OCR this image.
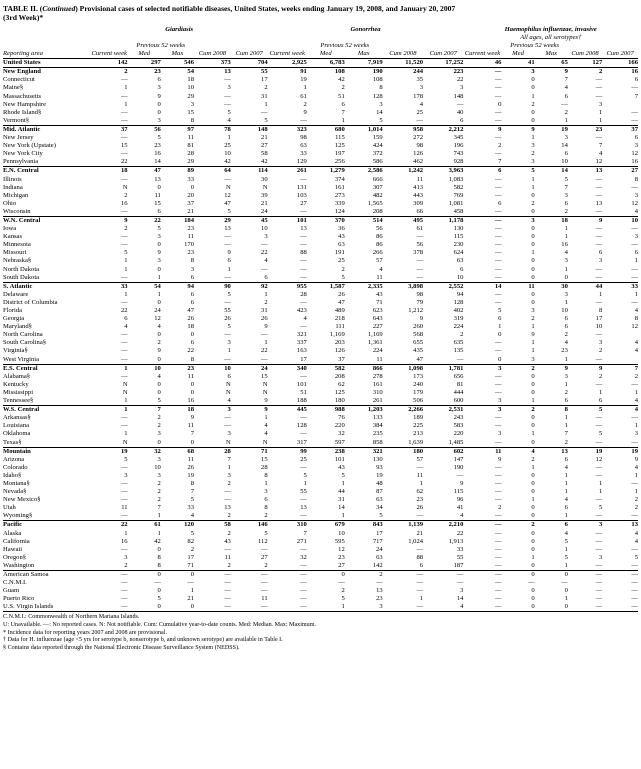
TABLE II. (Continued) Provisional cases of selected notifiable diseases, United States, weeks ending January 19, 2008, and January 20, 2007
(3rd Week)*
	Giardiasis					Gonorrhea					Haemophilus influenzae, invasive				
											All ages, all serotypes†				
		Previous 52 weeks					Previous 52 weeks					Previous 52 weeks			
Reporting area	Current week	Med	Max	Cum 2008	Cum 2007	Current week	Med	Max	Cum 2008	Cum 2007	Current week	Med	Max	Cum 2008	Cum 2007
United States	142	297	546	373	704	2,925	6,783	7,919	11,520	17,252	46	41	65	127	166
New England	2	23	54	13	55	91	108	190	244	223	—	3	9	2	16
Connecticut	—	6	18	—	17	19	42	108	35	22	—	0	7	—	6
Maine§	1	3	10	3	2	1	2	8	3	3	—	0	4	—	—
Massachusetts	—	9	29	—	31	61	51	128	178	148	—	1	6	—	7
New Hampshire	1	0	3	—	1	2	6	3	4	—	0	2	—	3	
Rhode Island§	—	0	15	5	—	9	7	14	25	40	—	0	2	1	—
Vermont§	—	3	8	4	5	—	1	5	—	6	—	0	1	1	—
Mid. Atlantic	37	56	97	78	148	323	680	1,014	958	2,212	9	9	19	23	37
New Jersey	—	5	11	1	21	98	115	159	272	345	—	1	3	—	6
New York (Upstate)	15	23	81	25	27	63	125	424	98	196	2	3	14	7	3
New York City	—	16	28	10	58	33	197	372	126	743	—	2	6	4	12
Pennsylvania	22	14	29	42	42	129	256	586	462	928	7	3	10	12	16
E.N. Central	18	47	89	64	114	261	1,279	2,586	1,242	3,963	6	5	14	13	27
Illinois	—	13	33	—	30	—	374	666	11	1,083	—	1	5	—	8
Indiana	N	0	0	N	N	131	161	307	413	582	—	1	7	—	—
Michigan	2	11	20	12	39	103	273	482	443	769	—	0	3	—	3
Ohio	16	15	37	47	21	27	339	1,565	309	1,081	6	2	6	13	12
Wisconsin	—	6	21	5	24	—	124	208	66	458	—	0	2	—	4
W.N. Central	9	22	184	29	45	101	370	514	495	1,178	—	3	18	9	10
Iowa	2	5	23	13	10	13	36	56	61	130	—	0	1	—	—
Kansas	—	3	11	—	3	—	43	86	—	115	—	0	1	—	3
Minnesota	—	0	170	—	—	—	63	86	56	230	—	0	16	—	—
Missouri	5	9	23	9	22	88	191	266	378	624	—	1	4	6	6
Nebraska§	1	3	8	6	4	—	25	57	—	63	—	0	3	3	1
North Dakota	1	0	3	1	—	—	2	4	—	6	—	0	1	—	—
South Dakota	—	1	6	—	6	—	5	11	—	10	—	0	0	—	—
S. Atlantic	33	54	94	90	92	955	1,587	2,335	3,898	2,552	14	11	30	44	33
Delaware	1	1	6	5	1	28	26	43	98	94	—	0	3	1	1
District of Columbia	—	0	6	—	2	—	47	71	79	128	—	0	1	—	—
Florida	22	24	47	55	31	423	489	623	1,212	402	5	3	10	8	4
Georgia	6	12	26	26	26	4	218	643	9	319	6	2	6	17	8
Maryland§	4	4	18	5	9	—	111	227	260	224	1	1	6	10	12
North Carolina	—	0	0	—	—	321	1,169	1,169	568	2	0	9	2	—	
South Carolina§	—	2	6	3	1	337	203	1,361	655	635	—	1	4	3	4
Virginia§	—	9	22	1	22	163	126	224	435	135	—	1	23	2	4
West Virginia	—	0	8	—	—	17	37	11	47	—	0	3	1	—	
E.S. Central	1	10	23	10	24	340	582	866	1,098	1,781	3	2	9	9	7
Alabama§	—	4	11	6	15	—	208	278	173	656	—	0	3	2	2
Kentucky	N	0	0	N	N	101	62	161	240	81	—	0	1	—	—
Mississippi	N	0	0	N	N	51	125	310	179	444	—	0	2	1	1
Tennessee§	1	5	16	4	9	188	180	261	506	600	3	1	6	6	4
W.S. Central	1	7	18	3	9	445	988	1,203	2,266	2,531	3	2	8	5	4
Arkansas§	—	2	9	—	1	—	76	133	189	243	—	0	1	—	—
Louisiana	—	2	11	—	4	128	220	384	225	583	—	0	1	—	1
Oklahoma	1	3	7	3	4	—	32	235	213	220	3	1	7	5	3
Texas§	N	0	0	N	N	317	597	858	1,639	1,485	—	0	2	—	—
Mountain	19	32	68	28	71	99	238	321	180	602	11	4	13	19	19
Arizona	5	3	11	7	15	25	101	130	57	147	9	2	6	12	9
Colorado	—	10	26	1	28	—	43	93	—	190	—	1	4	—	4
Idaho§	3	3	19	3	8	5	5	19	11	—	—	0	1	—	1
Montana§	—	2	8	2	1	1	1	48	1	9	—	0	1	1	—
Nevada§	—	2	7	—	3	55	44	87	62	115	—	0	1	1	1
New Mexico§	—	2	5	—	6	—	31	63	23	96	—	1	4	—	2
Utah	11	7	33	13	8	13	14	34	26	41	2	0	6	5	2
Wyoming§	—	1	4	2	2	—	1	5	—	4	—	0	1	—	—
Pacific	22	61	120	58	146	310	679	843	1,139	2,210	—	2	6	3	13
Alaska	1	1	5	2	5	7	10	17	21	22	—	0	4	—	4
California	16	42	82	43	112	271	595	717	1,024	1,913	—	0	5	—	4
Hawaii	—	0	2	—	—	—	12	24	—	33	—	0	1	—	—
Oregon§	3	8	17	11	27	32	23	63	88	55	—	1	5	3	5
Washington	2	8	71	2	2	—	27	142	6	187	—	0	1	—	—
American Samoa	—	0	0	—	—	—	0	2	—	—	—	0	0	—	—
C.N.M.I.	—	—	—	—	—	—	—	—	—	—	—	—	—	—	—
Guam	—	0	1	—	—	—	2	13	—	3	—	0	0	—	—
Puerto Rico	—	5	21	—	11	—	5	23	1	14	—	0	1	—	—
U.S. Virgin Islands	—	0	0	—	—	—	1	3	—	4	—	0	0	—	—
C.N.M.I.: Commonwealth of Northern Mariana Islands.
U: Unavailable. —: No reported cases. N: Not notifiable. Cum: Cumulative year-to-date counts. Med: Median. Max: Maximum.
* Incidence data for reporting years 2007 and 2008 are provisional.
† Data for H. influenzae (age <5 yrs for serotype b, nonserotype b, and unknown serotype) are available in Table I.
§ Contains data reported through the National Electronic Disease Surveillance System (NEDSS).
